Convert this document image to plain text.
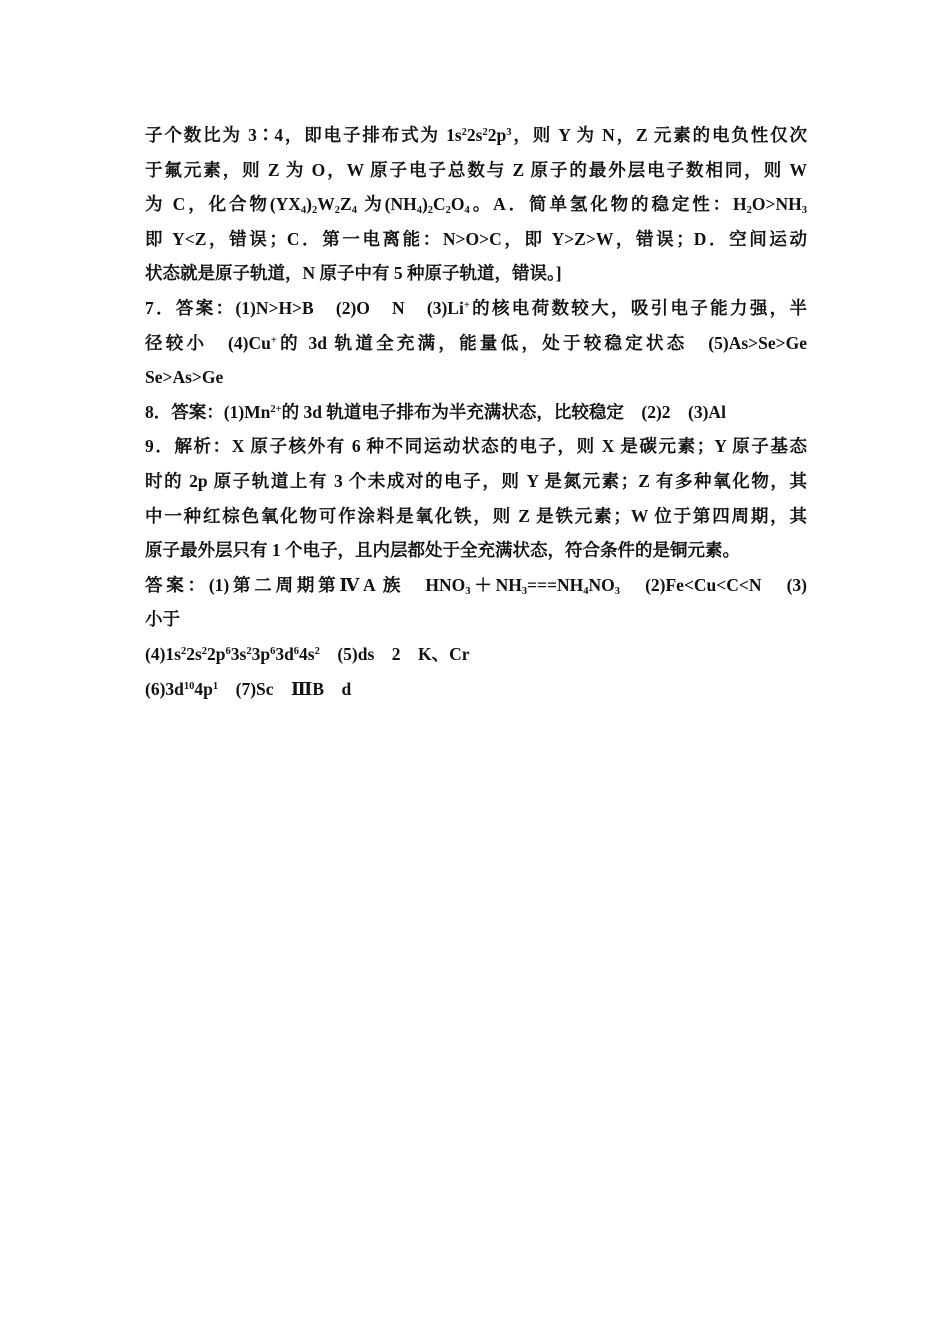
子个数比为 3∶4，即电子排布式为 $1s^22s^22p^3$，则 Y 为 N，Z 元素的电负性仅次
于氟元素，则 Z 为 O，W 原子电子总数与 Z 原子的最外层电子数相同，则 W
为 C，化合物$(YX_4)_2W_2Z_4$ 为$(NH_4)_2C_2O_4$。A．简单氢化物的稳定性：$H_2O>NH_3$
即 Y<Z，错误；C．第一电离能：N>O>C，即 Y>Z>W，错误；D．空间运动
状态就是原子轨道，N 原子中有 5 种原子轨道，错误。]
7．答案：(1)N>H>B　(2)O　N　(3)Li+的核电荷数较大，吸引电子能力强，半
径较小　(4)Cu+的 3d 轨道全充满，能量低，处于较稳定状态　(5)As>Se>Ge
Se>As>Ge
8．答案：$(1)Mn^{2+}$的 3d 轨道电子排布为半充满状态，比较稳定　(2)2　(3)Al
9．解析：X 原子核外有 6 种不同运动状态的电子，则 X 是碳元素；Y 原子基态
时的 2p 原子轨道上有 3 个未成对的电子，则 Y 是氮元素；Z 有多种氧化物，其
中一种红棕色氧化物可作涂料是氧化铁，则 Z 是铁元素；W 位于第四周期，其
原子最外层只有 1 个电子，且内层都处于全充满状态，符合条件的是铜元素。
答案：(1)第二周期第ⅣA 族　$HNO_3+NH_3===NH_4NO_3$　(2)Fe<Cu<C<N　(3)
小于
$(4)1s^22s^22p^63s^23p^63d^64s^2$　(5)ds　2　K、Cr
$(6)3d^{10}4p^1$　(7)Sc　ⅢB　d
